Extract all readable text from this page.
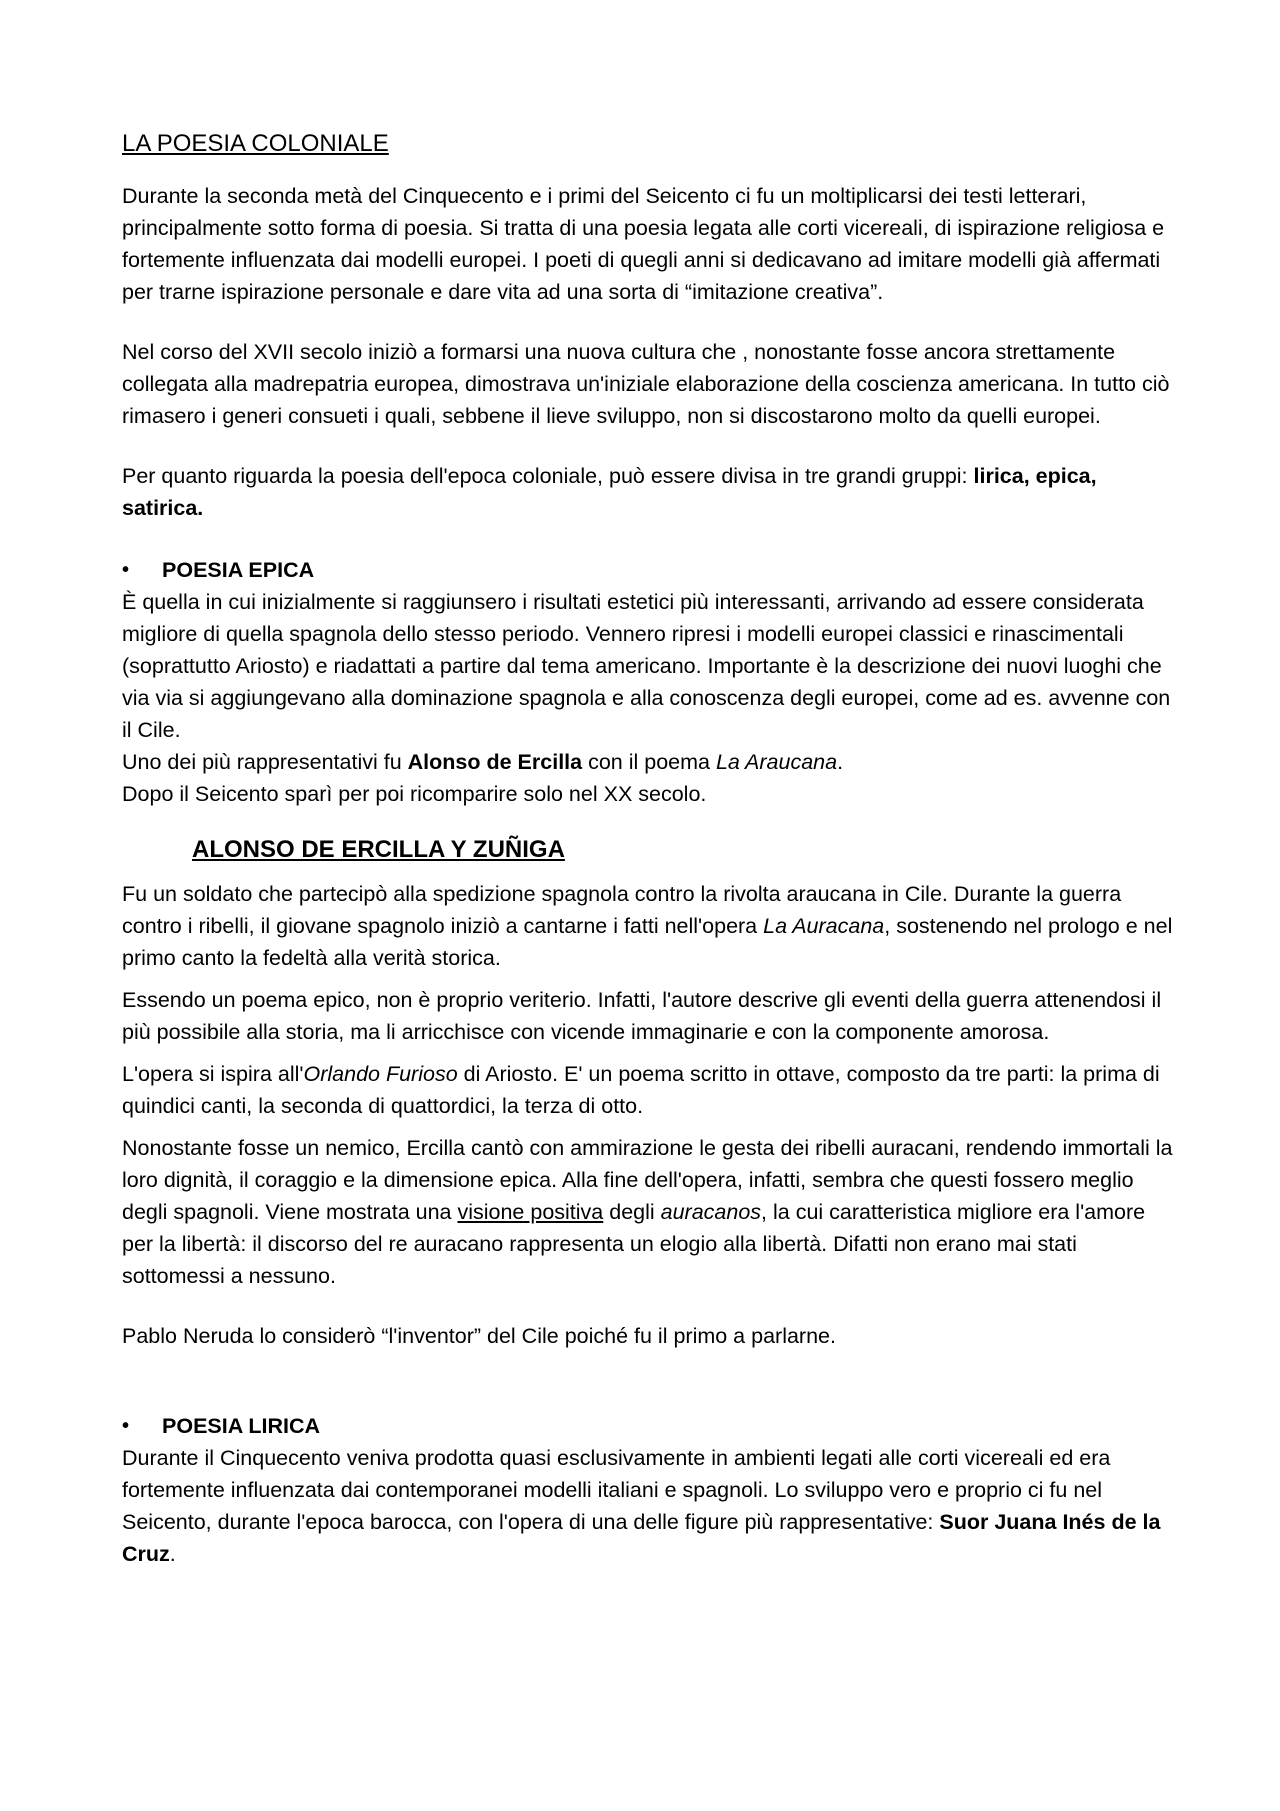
LA POESIA COLONIALE

Durante la seconda metà del Cinquecento e i primi del Seicento ci fu un moltiplicarsi dei testi letterari, principalmente sotto forma di poesia. Si tratta di una poesia legata alle corti vicereali, di ispirazione religiosa e fortemente influenzata dai modelli europei. I poeti di quegli anni si dedicavano ad imitare modelli già affermati per trarne ispirazione personale e dare vita ad una sorta di “imitazione creativa”.

Nel corso del XVII secolo iniziò a formarsi una nuova cultura che , nonostante fosse ancora strettamente collegata alla madrepatria europea, dimostrava un'iniziale elaborazione della coscienza americana. In tutto ciò rimasero i generi consueti i quali, sebbene il lieve sviluppo, non si discostarono molto da quelli europei.

Per quanto riguarda la poesia dell'epoca coloniale, può essere divisa in tre grandi gruppi: lirica, epica, satirica.

•	POESIA EPICA

È quella in cui inizialmente si raggiunsero i risultati estetici più interessanti, arrivando ad essere considerata migliore di quella spagnola dello stesso periodo. Vennero ripresi i modelli europei classici e rinascimentali (soprattutto Ariosto) e riadattati a partire dal tema americano. Importante è la descrizione dei nuovi luoghi che via via si aggiungevano alla dominazione spagnola e alla conoscenza degli europei, come ad es. avvenne con il Cile.

Uno dei più rappresentativi fu Alonso de Ercilla con il poema La Araucana.

Dopo il Seicento sparì per poi ricomparire solo nel XX secolo.

ALONSO DE ERCILLA Y ZUÑIGA

Fu un soldato che partecipò alla spedizione spagnola contro la rivolta araucana in Cile. Durante la guerra contro i ribelli, il giovane spagnolo iniziò a cantarne i fatti nell'opera La Auracana, sostenendo nel prologo e nel primo canto la fedeltà alla verità storica.

Essendo un poema epico, non è proprio veriterio. Infatti, l'autore descrive gli eventi della guerra attenendosi il più possibile alla storia, ma li arricchisce con vicende immaginarie e con la componente amorosa.

L'opera si ispira all'Orlando Furioso di Ariosto. E' un poema scritto in ottave, composto da tre parti: la prima di quindici canti, la seconda di quattordici, la terza di otto.

Nonostante fosse un nemico, Ercilla cantò con ammirazione le gesta dei ribelli auracani, rendendo immortali la loro dignità, il coraggio e la dimensione epica. Alla fine dell'opera, infatti, sembra che questi fossero meglio degli spagnoli. Viene mostrata una visione positiva degli auracanos, la cui caratteristica migliore era l'amore per la libertà: il discorso del re auracano rappresenta un elogio alla libertà. Difatti non erano mai stati sottomessi a nessuno.

Pablo Neruda lo considerò “l'inventor” del Cile poiché fu il primo a parlarne.

•	POESIA LIRICA

Durante il Cinquecento veniva prodotta quasi esclusivamente in ambienti legati alle corti vicereali ed era fortemente influenzata dai contemporanei modelli italiani e spagnoli. Lo sviluppo vero e proprio ci fu nel Seicento, durante l'epoca barocca, con l'opera di una delle figure più rappresentative: Suor Juana Inés de la Cruz.
